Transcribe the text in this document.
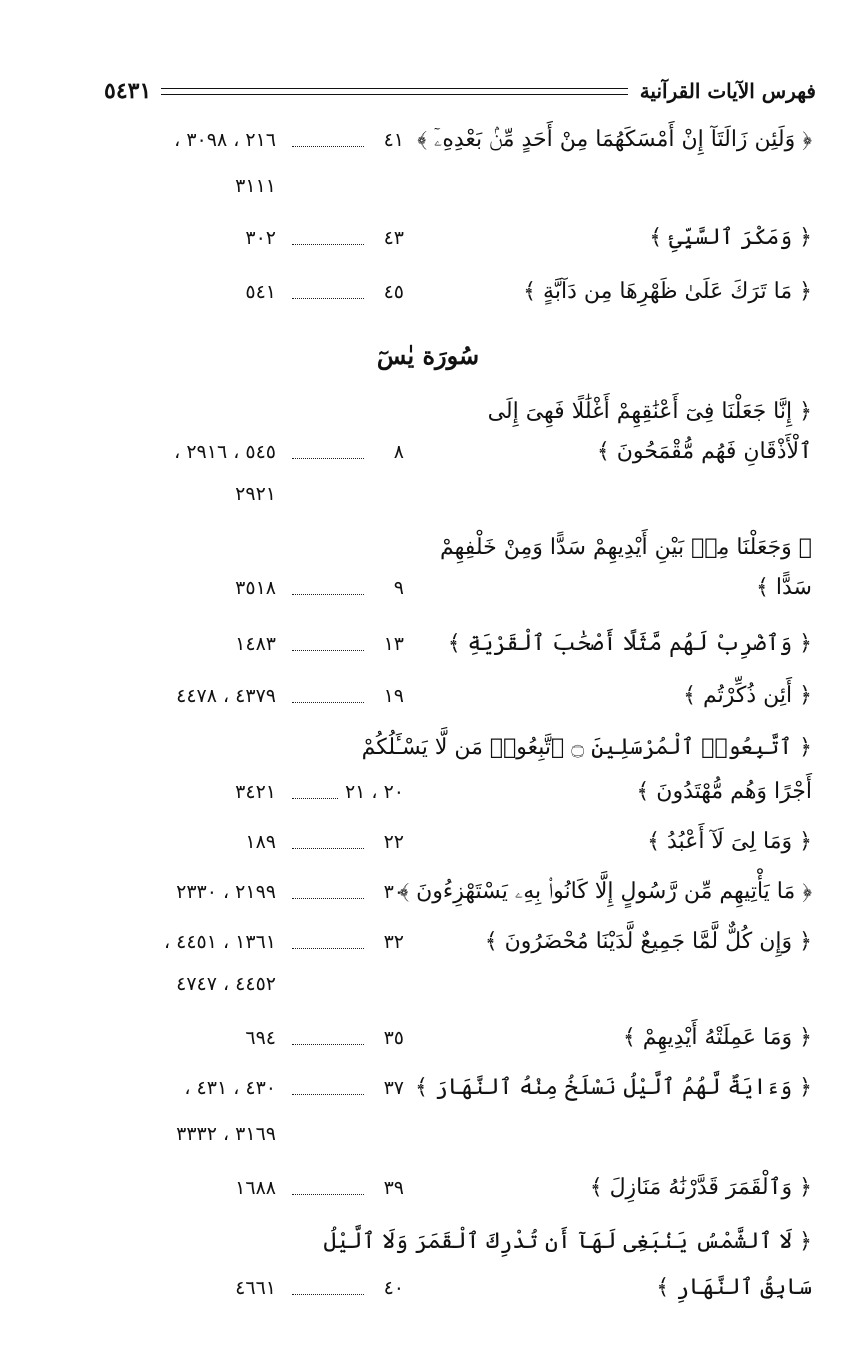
فهرس الآيات القرآنية
٥٤٣١
﴿ وَلَئِن زَالَتَآ إِنْ أَمْسَكَهُمَا مِنْ أَحَدٍ مِّنۢ بَعْدِهِۦٓ ﴾
٤١
٢١٦ ، ٣٠٩٨ ،
٣١١١
﴿ وَمَكْرَ ٱلسَّيِّئِ ﴾
٤٣
٣٠٢
﴿ مَا تَرَكَ عَلَىٰ ظَهْرِهَا مِن دَآبَّةٍ ﴾
٤٥
٥٤١
سُورَة يٰسٓ
﴿ إِنَّا جَعَلْنَا فِىٓ أَعْنَٰقِهِمْ أَغْلَٰلًا فَهِىَ إِلَى
ٱلْأَذْقَانِ فَهُم مُّقْمَحُونَ ﴾
٨
٥٤٥ ، ٢٩١٦ ،
٢٩٢١
﴿ وَجَعَلْنَا مِنۢ بَيْنِ أَيْدِيهِمْ سَدًّا وَمِنْ خَلْفِهِمْ
سَدًّا ﴾
٩
٣٥١٨
﴿ وَٱضْرِبْ لَهُم مَّثَلًا أَصْحَٰبَ ٱلْقَرْيَةِ ﴾
١٣
١٤٨٣
﴿ أَئِن ذُكِّرْتُم ﴾
١٩
٤٣٧٩ ، ٤٤٧٨
﴿ ٱتَّبِعُوا۟ ٱلْمُرْسَلِينَ ۝ ٱتَّبِعُوا۟ مَن لَّا يَسْـَٔلُكُمْ
أَجْرًا وَهُم مُّهْتَدُونَ ﴾
٢٠ ، ٢١
٣٤٢١
﴿ وَمَا لِىَ لَآ أَعْبُدُ ﴾
٢٢
١٨٩
﴿ مَا يَأْتِيهِم مِّن رَّسُولٍ إِلَّا كَانُوا۟ بِهِۦ يَسْتَهْزِءُونَ ﴾
٣٠
٢١٩٩ ، ٢٣٣٠
﴿ وَإِن كُلٌّ لَّمَّا جَمِيعٌ لَّدَيْنَا مُحْضَرُونَ ﴾
٣٢
١٣٦١ ، ٤٤٥١ ،
٤٤٥٢ ، ٤٧٤٧
﴿ وَمَا عَمِلَتْهُ أَيْدِيهِمْ ﴾
٣٥
٦٩٤
﴿ وَءَايَةٌ لَّهُمُ ٱلَّيْلُ نَسْلَخُ مِنْهُ ٱلنَّهَارَ ﴾
٣٧
٤٣٠ ، ٤٣١ ،
٣١٦٩ ، ٣٣٣٢
﴿ وَٱلْقَمَرَ قَدَّرْنَٰهُ مَنَازِلَ ﴾
٣٩
١٦٨٨
﴿ لَا ٱلشَّمْسُ يَنۢبَغِى لَهَآ أَن تُدْرِكَ ٱلْقَمَرَ وَلَا ٱلَّيْلُ
سَابِقُ ٱلنَّهَارِ ﴾
٤٠
٤٦٦١
